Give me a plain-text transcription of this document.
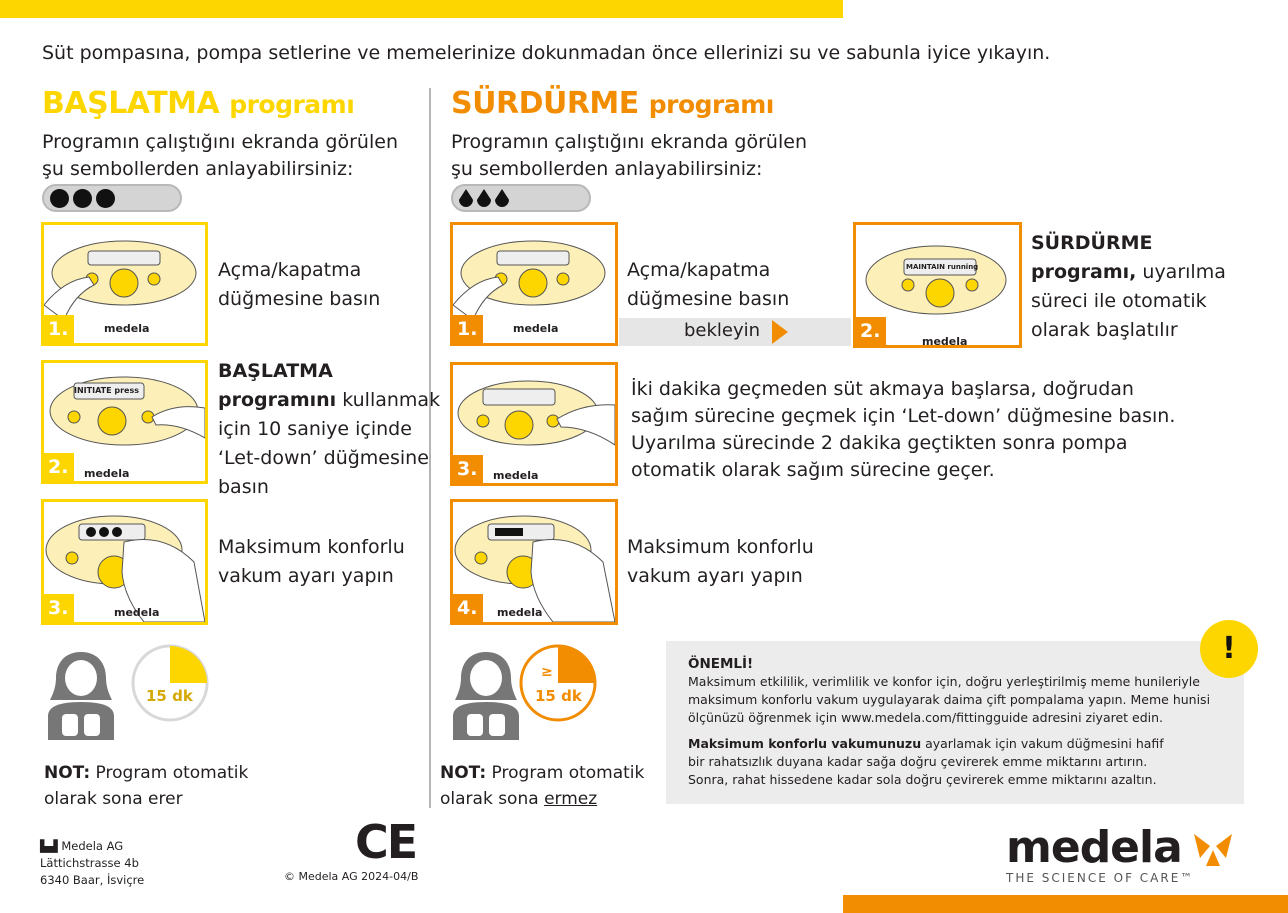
Süt pompasına, pompa setlerine ve memelerinize dokunmadan önce ellerinizi su ve sabunla iyice yıkayın.
BAŞLATMA programı
Programın çalıştığını ekranda görülen
şu sembollerden anlayabilirsiniz:
medela
1.
Açma/kapatma
düğmesine basın
INITIATE press
medela
2.
BAŞLATMA
programını kullanmak
için 10 saniye içinde
‘Let-down’ düğmesine
basın
medela
3.
Maksimum konforlu
vakum ayarı yapın
15 dk
NOT: Program otomatik
olarak sona erer
SÜRDÜRME programı
Programın çalıştığını ekranda görülen
şu sembollerden anlayabilirsiniz:
medela
1.
Açma/kapatma
düğmesine basın
bekleyin
MAINTAIN running
medela
2.
SÜRDÜRME
programı, uyarılma
süreci ile otomatik
olarak başlatılır
medela
3.
İki dakika geçmeden süt akmaya başlarsa, doğrudan
sağım sürecine geçmek için ‘Let-down’ düğmesine basın.
Uyarılma sürecinde 2 dakika geçtikten sonra pompa
otomatik olarak sağım sürecine geçer.
medela
4.
Maksimum konforlu
vakum ayarı yapın
≥
15 dk
NOT: Program otomatik
olarak sona ermez
ÖNEMLİ!
Maksimum etkililik, verimlilik ve konfor için, doğru yerleştirilmiş meme hunileriyle
maksimum konforlu vakum uygulayarak daima çift pompalama yapın. Meme hunisi
ölçünüzü öğrenmek için www.medela.com/fittingguide adresini ziyaret edin.
Maksimum konforlu vakumunuzu ayarlamak için vakum düğmesini hafif
bir rahatsızlık duyana kadar sağa doğru çevirerek emme miktarını artırın.
Sonra, rahat hissedene kadar sola doğru çevirerek emme miktarını azaltın.
!
▙▟ Medela AG
Lättichstrasse 4b
6340 Baar, İsviçre
CE
© Medela AG 2024-04/B
medela
THE SCIENCE OF CARE™
